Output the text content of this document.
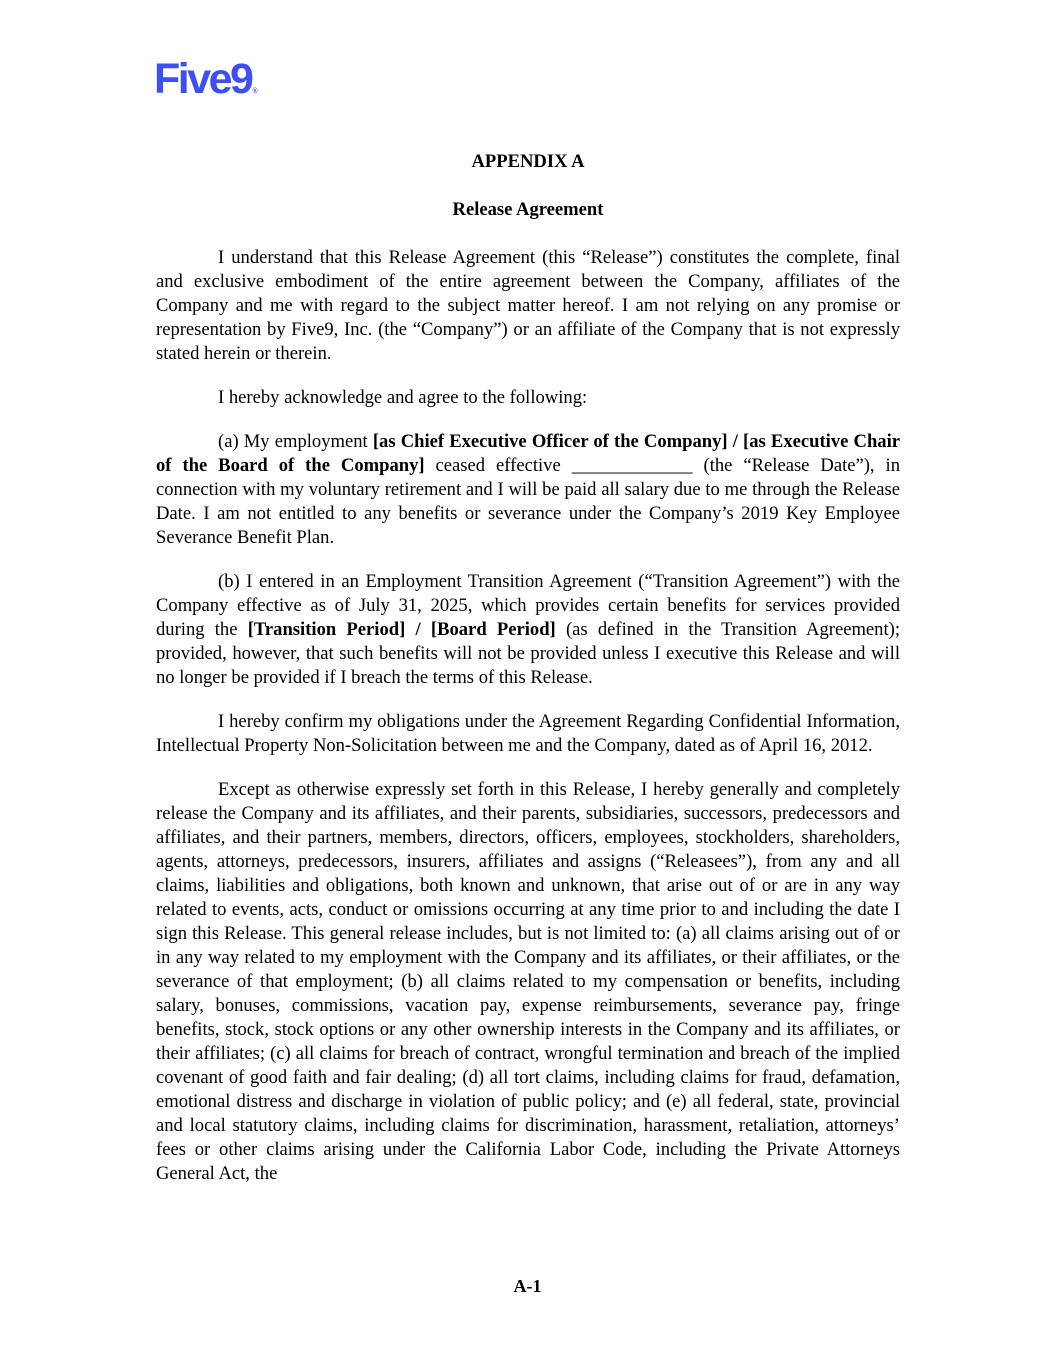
Five9®

APPENDIX A

Release Agreement

I understand that this Release Agreement (this “Release”) constitutes the complete, final and exclusive embodiment of the entire agreement between the Company, affiliates of the Company and me with regard to the subject matter hereof. I am not relying on any promise or representation by Five9, Inc. (the “Company”) or an affiliate of the Company that is not expressly stated herein or therein.

I hereby acknowledge and agree to the following:

(a) My employment [as Chief Executive Officer of the Company] / [as Executive Chair of the Board of the Company] ceased effective _____________ (the “Release Date”), in connection with my voluntary retirement and I will be paid all salary due to me through the Release Date. I am not entitled to any benefits or severance under the Company’s 2019 Key Employee Severance Benefit Plan.

(b) I entered in an Employment Transition Agreement (“Transition Agreement”) with the Company effective as of July 31, 2025, which provides certain benefits for services provided during the [Transition Period] / [Board Period] (as defined in the Transition Agreement); provided, however, that such benefits will not be provided unless I executive this Release and will no longer be provided if I breach the terms of this Release.

I hereby confirm my obligations under the Agreement Regarding Confidential Information, Intellectual Property Non-Solicitation between me and the Company, dated as of April 16, 2012.

Except as otherwise expressly set forth in this Release, I hereby generally and completely release the Company and its affiliates, and their parents, subsidiaries, successors, predecessors and affiliates, and their partners, members, directors, officers, employees, stockholders, shareholders, agents, attorneys, predecessors, insurers, affiliates and assigns (“Releasees”), from any and all claims, liabilities and obligations, both known and unknown, that arise out of or are in any way related to events, acts, conduct or omissions occurring at any time prior to and including the date I sign this Release. This general release includes, but is not limited to: (a) all claims arising out of or in any way related to my employment with the Company and its affiliates, or their affiliates, or the severance of that employment; (b) all claims related to my compensation or benefits, including salary, bonuses, commissions, vacation pay, expense reimbursements, severance pay, fringe benefits, stock, stock options or any other ownership interests in the Company and its affiliates, or their affiliates; (c) all claims for breach of contract, wrongful termination and breach of the implied covenant of good faith and fair dealing; (d) all tort claims, including claims for fraud, defamation, emotional distress and discharge in violation of public policy; and (e) all federal, state, provincial and local statutory claims, including claims for discrimination, harassment, retaliation, attorneys’ fees or other claims arising under the California Labor Code, including the Private Attorneys General Act, the

A-1
